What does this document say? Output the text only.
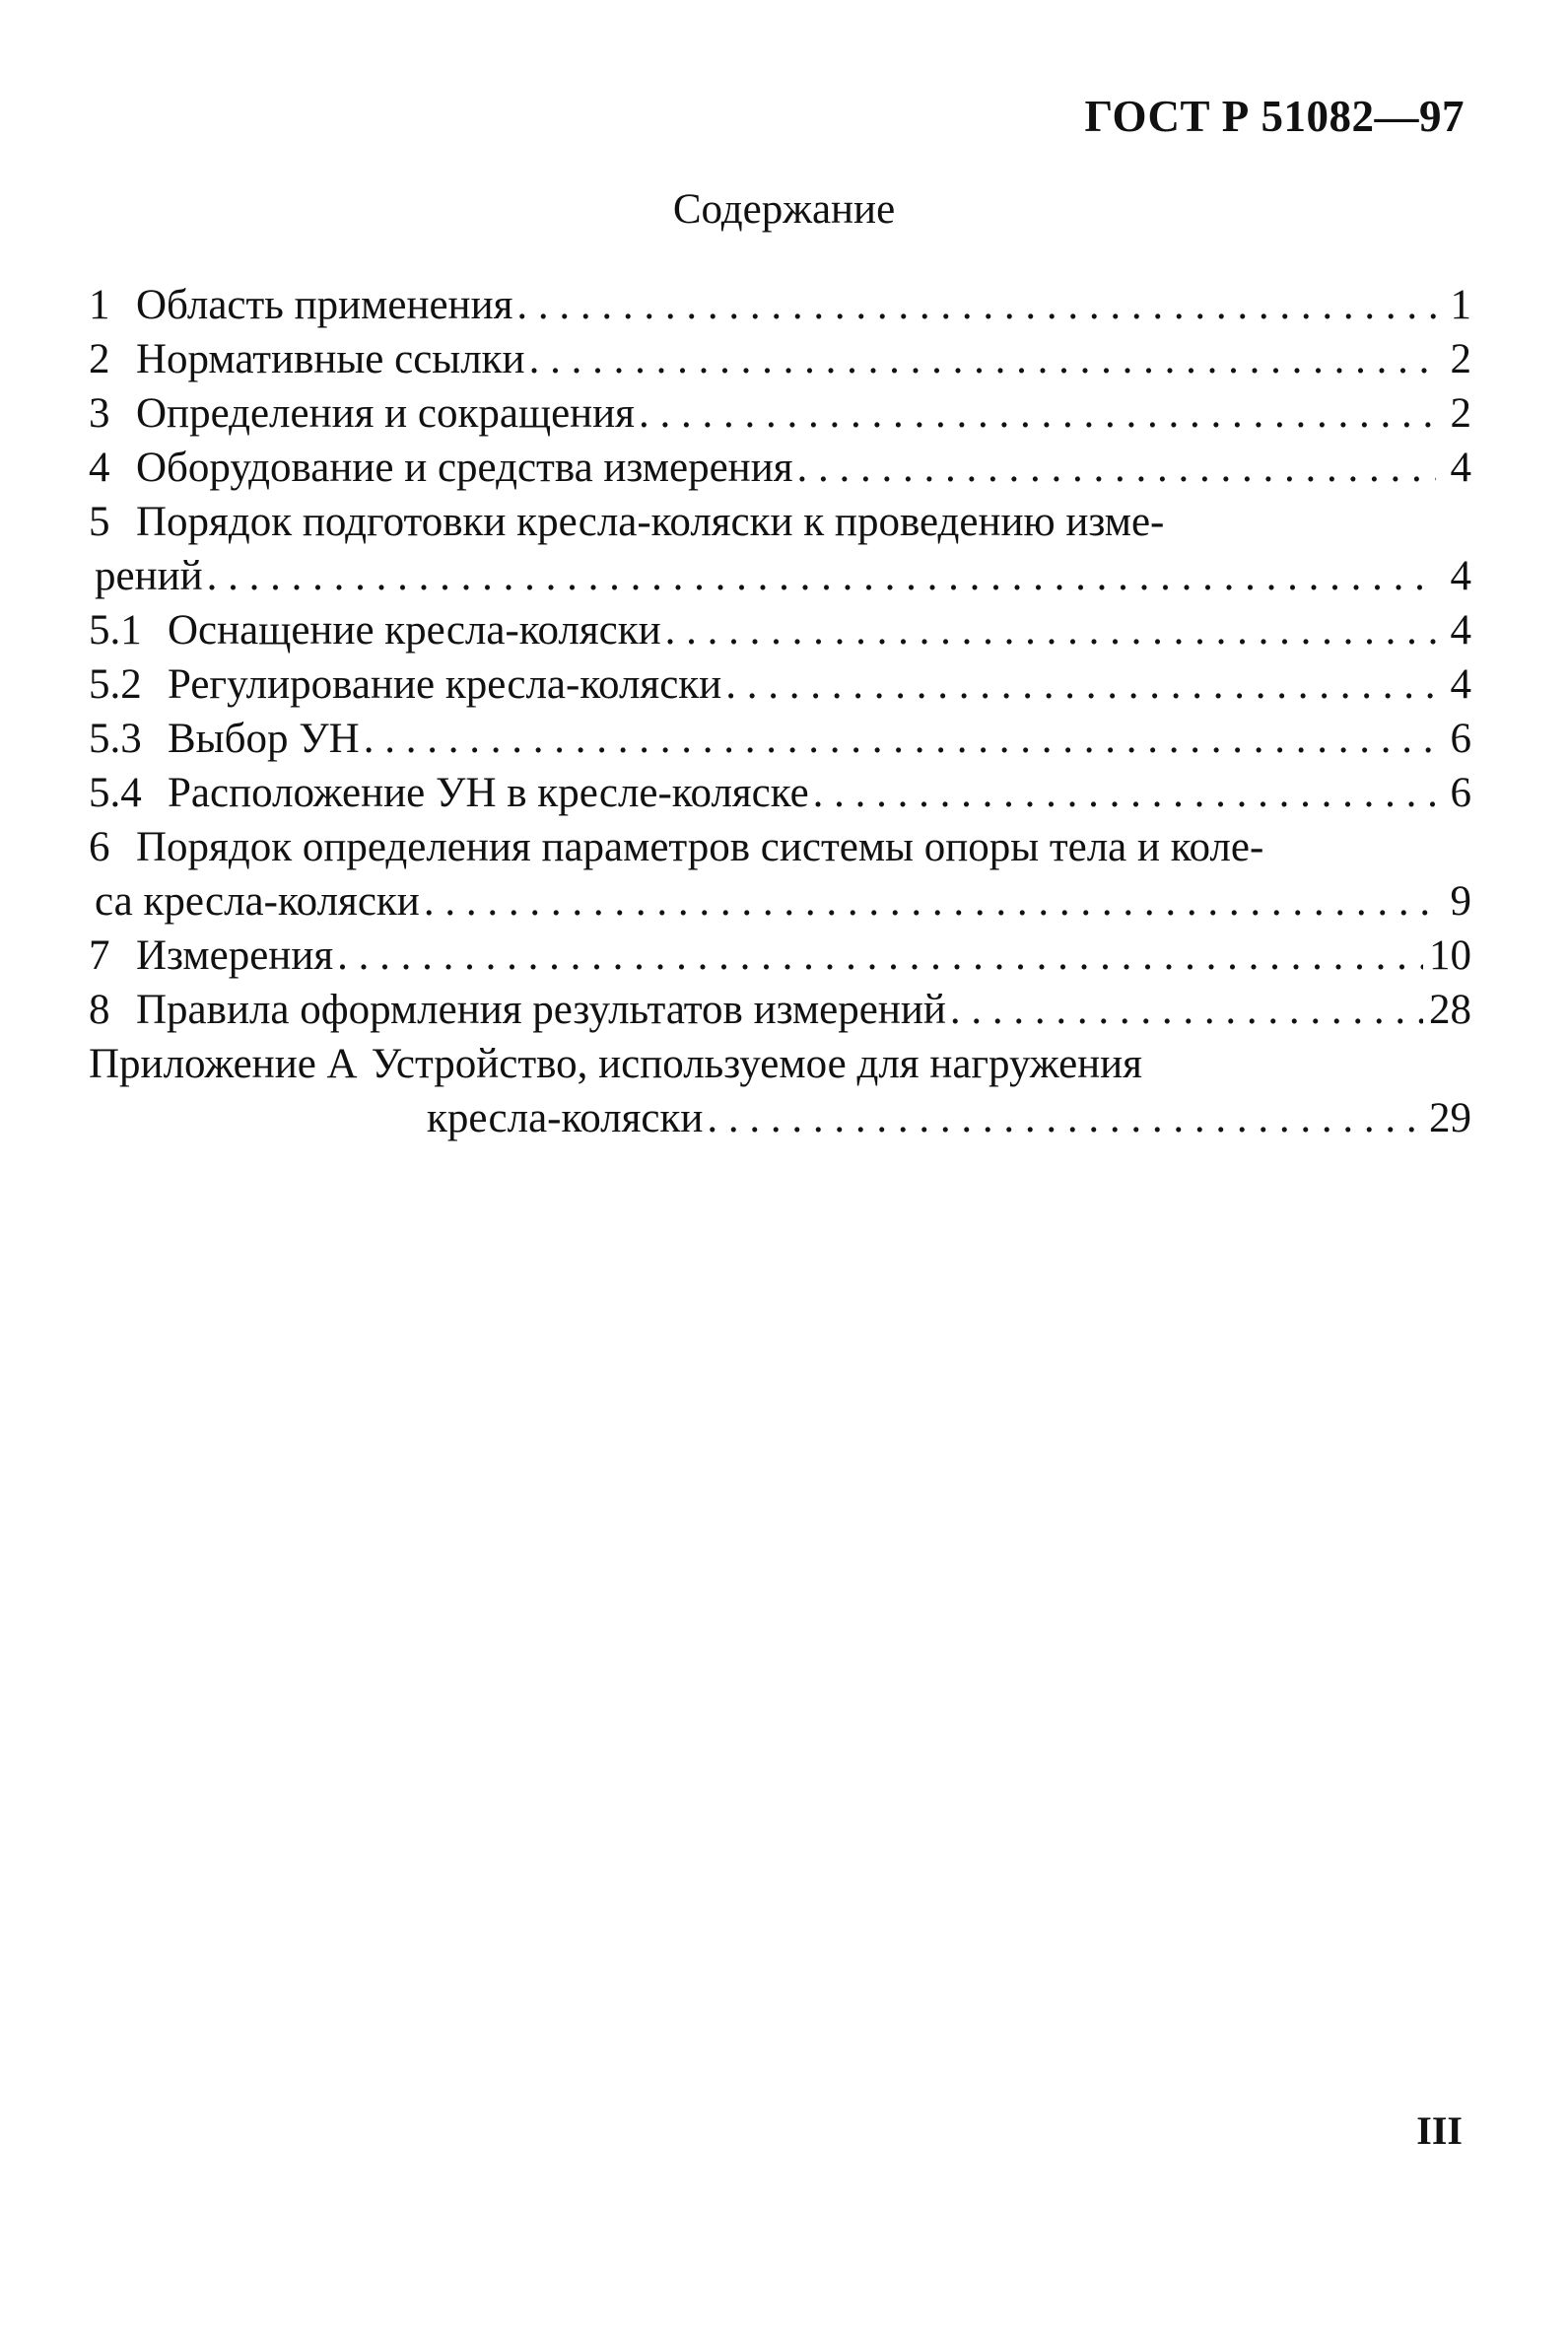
ГОСТ Р 51082—97
Содержание
1 Область применения . . .	1
2 Нормативные ссылки . . .	2
3 Определения и сокращения . . .	2
4 Оборудование и средства измерения . . .	4
5 Порядок подготовки кресла-коляски к проведению изме-
рений . . .	4
5.1 Оснащение кресла-коляски . . .	4
5.2 Регулирование кресла-коляски . . .	4
5.3 Выбор УН . . .	6
5.4 Расположение УН в кресле-коляске . . .	6
6 Порядок определения параметров системы опоры тела и коле-
са кресла-коляски . . .	9
7 Измерения . . .	10
8 Правила оформления результатов измерений . . .	28
Приложение А Устройство, используемое для нагружения
кресла-коляски . . .	29
III
